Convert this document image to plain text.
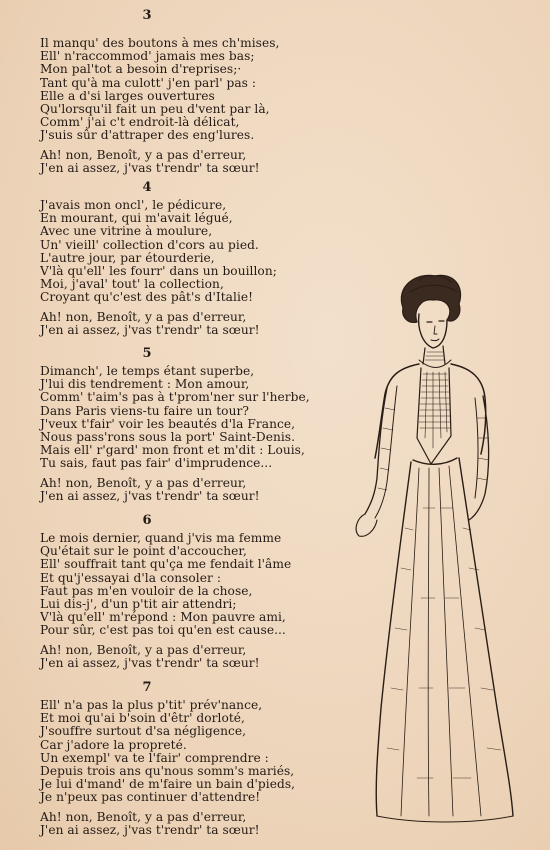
3
Il manqu' des boutons à mes ch'mises,
Ell' n'raccommod' jamais mes bas;
Mon pal'tot a besoin d'reprises;·
Tant qu'à ma culott' j'en parl' pas :
Elle a d'si larges ouvertures
Qu'lorsqu'il fait un peu d'vent par là,
Comm' j'ai c't endroit-là délicat,
J'suis sûr d'attraper des eng'lures.
Ah! non, Benoît, y a pas d'erreur,
J'en ai assez, j'vas t'rendr' ta sœur!
4
J'avais mon oncl', le pédicure,
En mourant, qui m'avait légué,
Avec une vitrine à moulure,
Un' vieill' collection d'cors au pied.
L'autre jour, par étourderie,
V'là qu'ell' les fourr' dans un bouillon;
Moi, j'aval' tout' la collection,
Croyant qu'c'est des pât's d'Italie!
Ah! non, Benoît, y a pas d'erreur,
J'en ai assez, j'vas t'rendr' ta sœur!
5
Dimanch', le temps étant superbe,
J'lui dis tendrement : Mon amour,
Comm' t'aim's pas à t'prom'ner sur l'herbe,
Dans Paris viens-tu faire un tour?
J'veux t'fair' voir les beautés d'la France,
Nous pass'rons sous la port' Saint-Denis.
Mais ell' r'gard' mon front et m'dit : Louis,
Tu sais, faut pas fair' d'imprudence...
Ah! non, Benoît, y a pas d'erreur,
J'en ai assez, j'vas t'rendr' ta sœur!
6
Le mois dernier, quand j'vis ma femme
Qu'était sur le point d'accoucher,
Ell' souffrait tant qu'ça me fendait l'âme
Et qu'j'essayai d'la consoler :
Faut pas m'en vouloir de la chose,
Lui dis-j', d'un p'tit air attendri;
V'là qu'ell' m'répond : Mon pauvre ami,
Pour sûr, c'est pas toi qu'en est cause...
Ah! non, Benoît, y a pas d'erreur,
J'en ai assez, j'vas t'rendr' ta sœur!
7
Ell' n'a pas la plus p'tit' prév'nance,
Et moi qu'ai b'soin d'êtr' dorloté,
J'souffre surtout d'sa négligence,
Car j'adore la propreté.
Un exempl' va te l'fair' comprendre :
Depuis trois ans qu'nous somm's mariés,
Je lui d'mand' de m'faire un bain d'pieds,
Je n'peux pas continuer d'attendre!
Ah! non, Benoît, y a pas d'erreur,
J'en ai assez, j'vas t'rendr' ta sœur!
